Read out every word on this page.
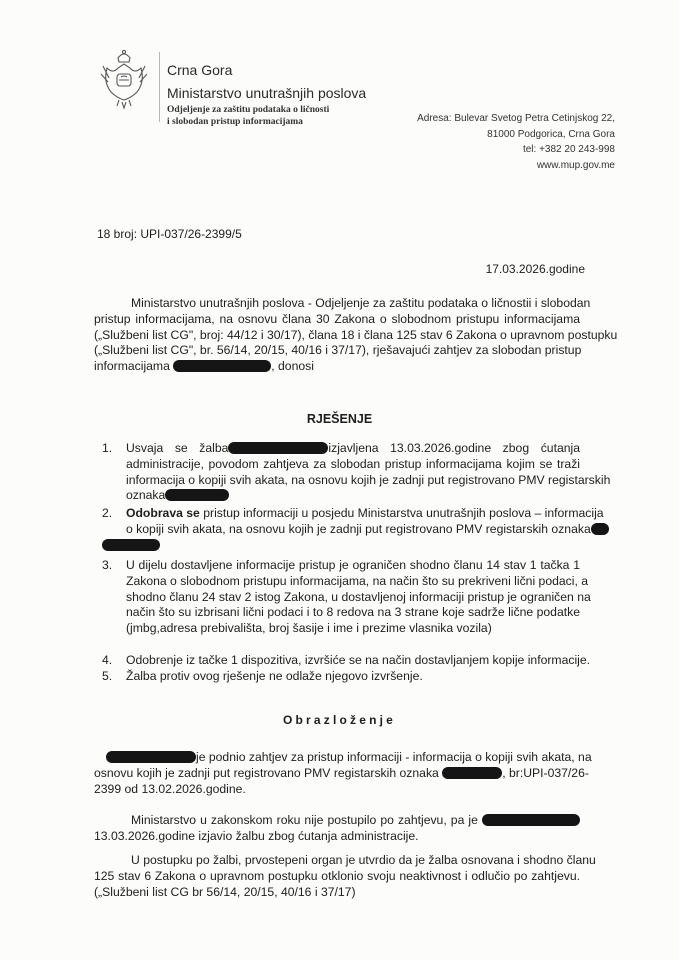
Crna Gora
Ministarstvo unutrašnjih poslova
Odjeljenje za zaštitu podataka o ličnosti
i slobodan pristup informacijama	Adresa: Bulevar Svetog Petra Cetinjskog 22,
81000 Podgorica, Crna Gora
tel: +382 20 243-998
www.mup.gov.me
18 broj: UPI-037/26-2399/5
17.03.2026.godine
Ministarstvo unutrašnjih poslova - Odjeljenje za zaštitu podataka o ličnostii i slobodan
pristup informacijama, na osnovu člana 30 Zakona o slobodnom pristupu informacijama
(„Službeni list CG", broj: 44/12 i 30/17), člana 18 i člana 125 stav 6 Zakona o upravnom postupku
(„Službeni list CG", br. 56/14, 20/15, 40/16 i 37/17), rješavajući zahtjev za slobodan pristup
informacijama	, donosi
RJEŠENJE
1. Usvaja se žalba	izjavljena 13.03.2026.godine zbog ćutanja
administracije, povodom zahtjeva za slobodan pristup informacijama kojim se traži
informacija o kopiji svih akata, na osnovu kojih je zadnji put registrovano PMV registarskih
oznaka
2. Odobrava se pristup informaciji u posjedu Ministarstva unutrašnjih poslova – informacija
o kopiji svih akata, na osnovu kojih je zadnji put registrovano PMV registarskih oznaka
3. U dijelu dostavljene informacije pristup je ograničen shodno članu 14 stav 1 tačka 1
Zakona o slobodnom pristupu informacijama, na način što su prekriveni lični podaci, a
shodno članu 24 stav 2 istog Zakona, u dostavljenoj informaciji pristup je ograničen na
način što su izbrisani lični podaci i to 8 redova na 3 strane koje sadrže lične podatke
(jmbg,adresa prebivališta, broj šasije i ime i prezime vlasnika vozila)
4. Odobrenje iz tačke 1 dispozitiva, izvršiće se na način dostavljanjem kopije informacije.
5. Žalba protiv ovog rješenje ne odlaže njegovo izvršenje.
Obrazloženje
je podnio zahtjev za pristup informaciji - informacija o kopiji svih akata, na
osnovu kojih je zadnji put registrovano PMV registarskih oznaka	, br:UPI-037/26-
2399 od 13.02.2026.godine.
Ministarstvo u zakonskom roku nije postupilo po zahtjevu, pa je
13.03.2026.godine izjavio žalbu zbog ćutanja administracije.
U postupku po žalbi, prvostepeni organ je utvrdio da je žalba osnovana i shodno članu
125 stav 6 Zakona o upravnom postupku otklonio svoju neaktivnost i odlučio po zahtjevu.
(„Službeni list CG br 56/14, 20/15, 40/16 i 37/17)
